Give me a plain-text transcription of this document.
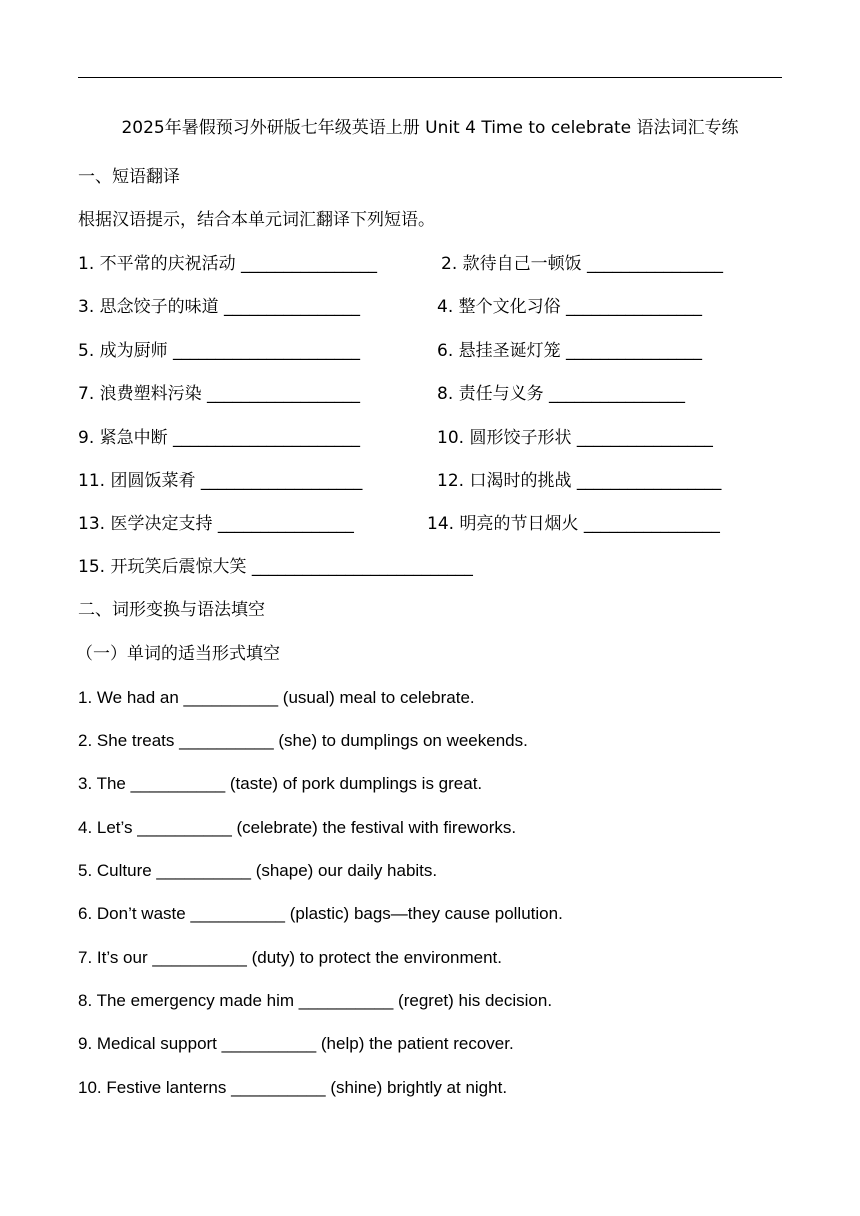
2025年暑假预习外研版七年级英语上册 Unit 4 Time to celebrate 语法词汇专练
一、短语翻译
根据汉语提示，结合本单元词汇翻译下列短语。
1. 不平常的庆祝活动 ________________	2. 款待自己一顿饭 ________________
3. 思念饺子的味道 ________________	4. 整个文化习俗 ________________
5. 成为厨师 ______________________	6. 悬挂圣诞灯笼 ________________
7. 浪费塑料污染 __________________	8. 责任与义务 ________________
9. 紧急中断 ______________________	10. 圆形饺子形状 ________________
11. 团圆饭菜肴 ___________________	12. 口渴时的挑战 _________________
13. 医学决定支持 ________________	14. 明亮的节日烟火 ________________
15. 开玩笑后震惊大笑 __________________________
二、词形变换与语法填空
（一）单词的适当形式填空
1. We had an __________ (usual) meal to celebrate.
2. She treats __________ (she) to dumplings on weekends.
3. The __________ (taste) of pork dumplings is great.
4. Let’s __________ (celebrate) the festival with fireworks.
5. Culture __________ (shape) our daily habits.
6. Don’t waste __________ (plastic) bags—they cause pollution.
7. It’s our __________ (duty) to protect the environment.
8. The emergency made him __________ (regret) his decision.
9. Medical support __________ (help) the patient recover.
10. Festive lanterns __________ (shine) brightly at night.
